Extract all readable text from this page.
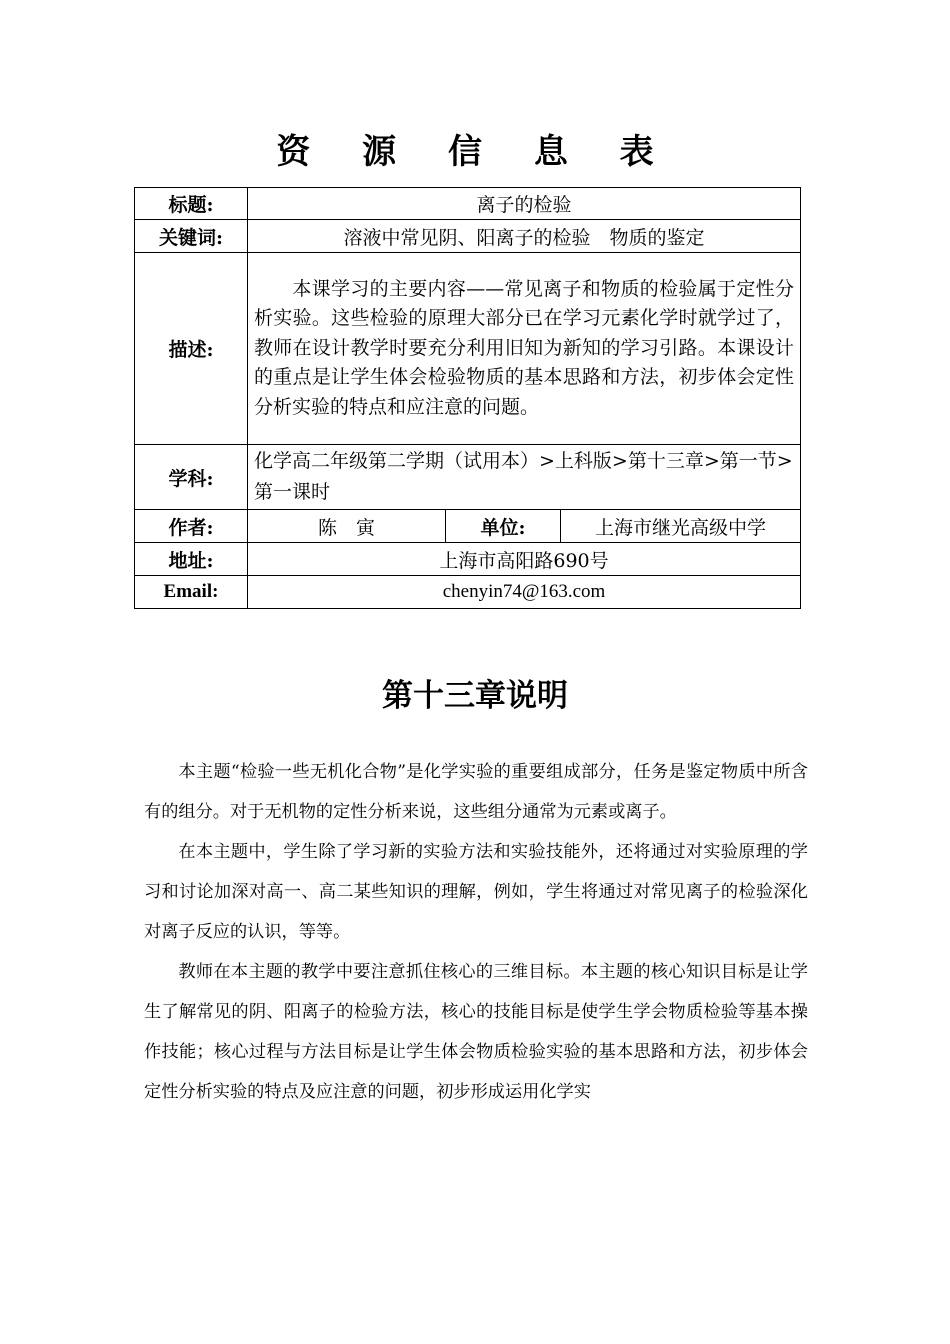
资 源 信 息 表
标题:	离子的检验		
关键词:	溶液中常见阴、阳离子的检验　物质的鉴定		
描述:	本课学习的主要内容——常见离子和物质的检验属于定性分析实验。这些检验的原理大部分已在学习元素化学时就学过了，教师在设计教学时要充分利用旧知为新知的学习引路。本课设计的重点是让学生体会检验物质的基本思路和方法，初步体会定性分析实验的特点和应注意的问题。		
学科:	化学高二年级第二学期（试用本）>上科版>第十三章>第一节>第一课时		
作者:	陈　寅	单位:	上海市继光高级中学
地址:	上海市高阳路690号		
Email:	chenyin74@163.com		
第十三章说明

本主题“检验一些无机化合物”是化学实验的重要组成部分，任务是鉴定物质中所含有的组分。对于无机物的定性分析来说，这些组分通常为元素或离子。

在本主题中，学生除了学习新的实验方法和实验技能外，还将通过对实验原理的学习和讨论加深对高一、高二某些知识的理解，例如，学生将通过对常见离子的检验深化对离子反应的认识，等等。

教师在本主题的教学中要注意抓住核心的三维目标。本主题的核心知识目标是让学生了解常见的阴、阳离子的检验方法，核心的技能目标是使学生学会物质检验等基本操作技能；核心过程与方法目标是让学生体会物质检验实验的基本思路和方法，初步体会定性分析实验的特点及应注意的问题，初步形成运用化学实
